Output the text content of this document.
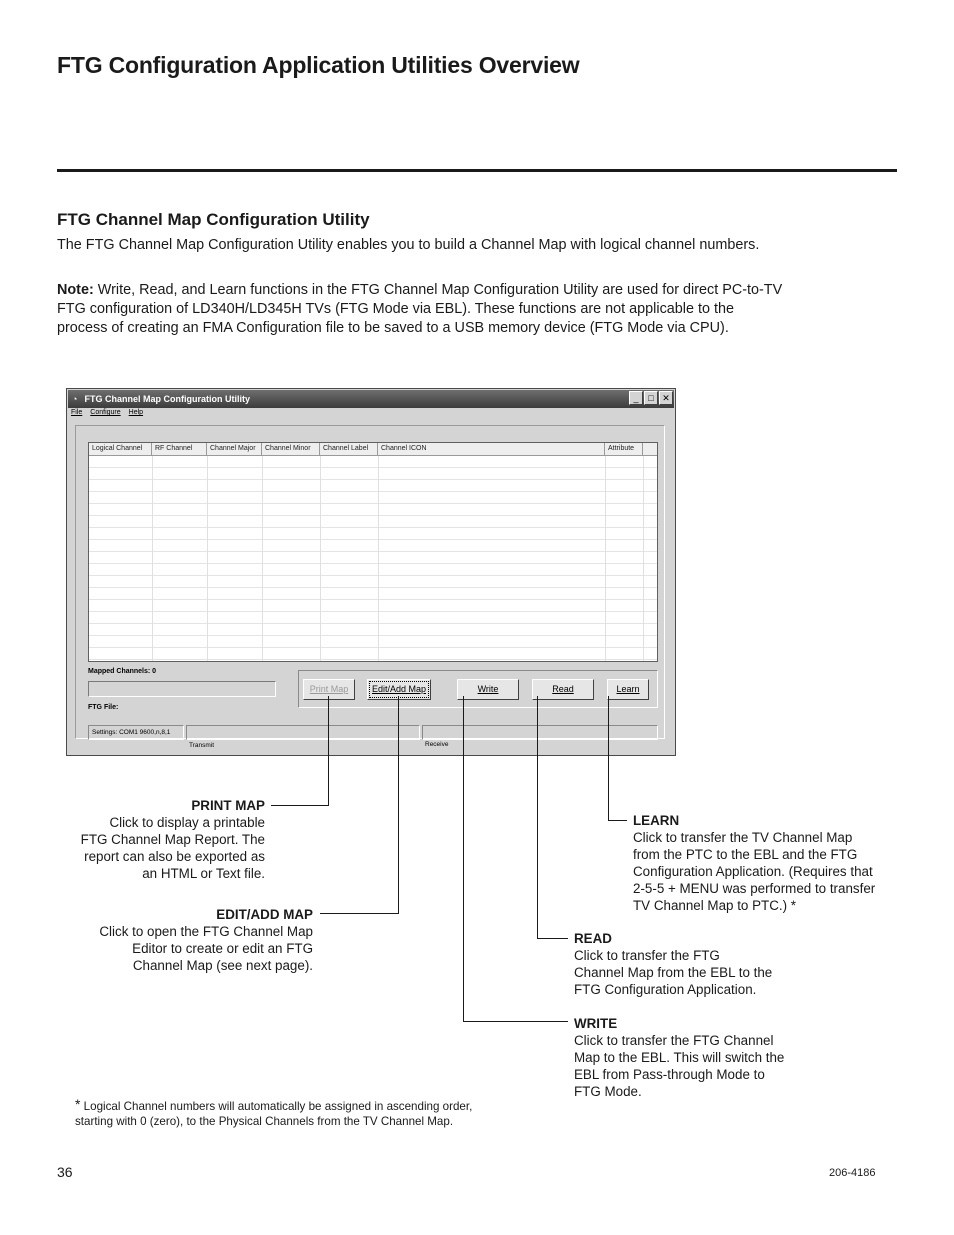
FTG Configuration Application Utilities Overview
FTG Channel Map Configuration Utility

The FTG Channel Map Configuration Utility enables you to build a Channel Map with logical channel numbers.

Note: Write, Read, and Learn functions in the FTG Channel Map Configuration Utility are used for direct PC-to-TV FTG configuration of LD340H/LD345H TVs (FTG Mode via EBL). These functions are not applicable to the process of creating an FMA Configuration file to be saved to a USB memory device (FTG Mode via CPU).

◔ FTG Channel Map Configuration Utility	_	□ ✕
File Configure Help
Logical Channel	RF Channel	Channel Major	Channel Minor	Channel Label	Channel ICON	Attribute
Mapped Channels: 0
FTG File:
Print Map	Edit/Add Map	Write	Read	Learn
Settings: COM1 9600,n,8,1
Transmit	Receive
PRINT MAP
Click to display a printable
FTG Channel Map Report. The
report can also be exported as
an HTML or Text file.
EDIT/ADD MAP
Click to open the FTG Channel Map
Editor to create or edit an FTG
Channel Map (see next page).
LEARN
Click to transfer the TV Channel Map
from the PTC to the EBL and the FTG
Configuration Application. (Requires that
2-5-5 + MENU was performed to transfer
TV Channel Map to PTC.) *
READ
Click to transfer the FTG
Channel Map from the EBL to the
FTG Configuration Application.
WRITE
Click to transfer the FTG Channel
Map to the EBL. This will switch the
EBL from Pass-through Mode to
FTG Mode.
* Logical Channel numbers will automatically be assigned in ascending order,
starting with 0 (zero), to the Physical Channels from the TV Channel Map.
36	206-4186
